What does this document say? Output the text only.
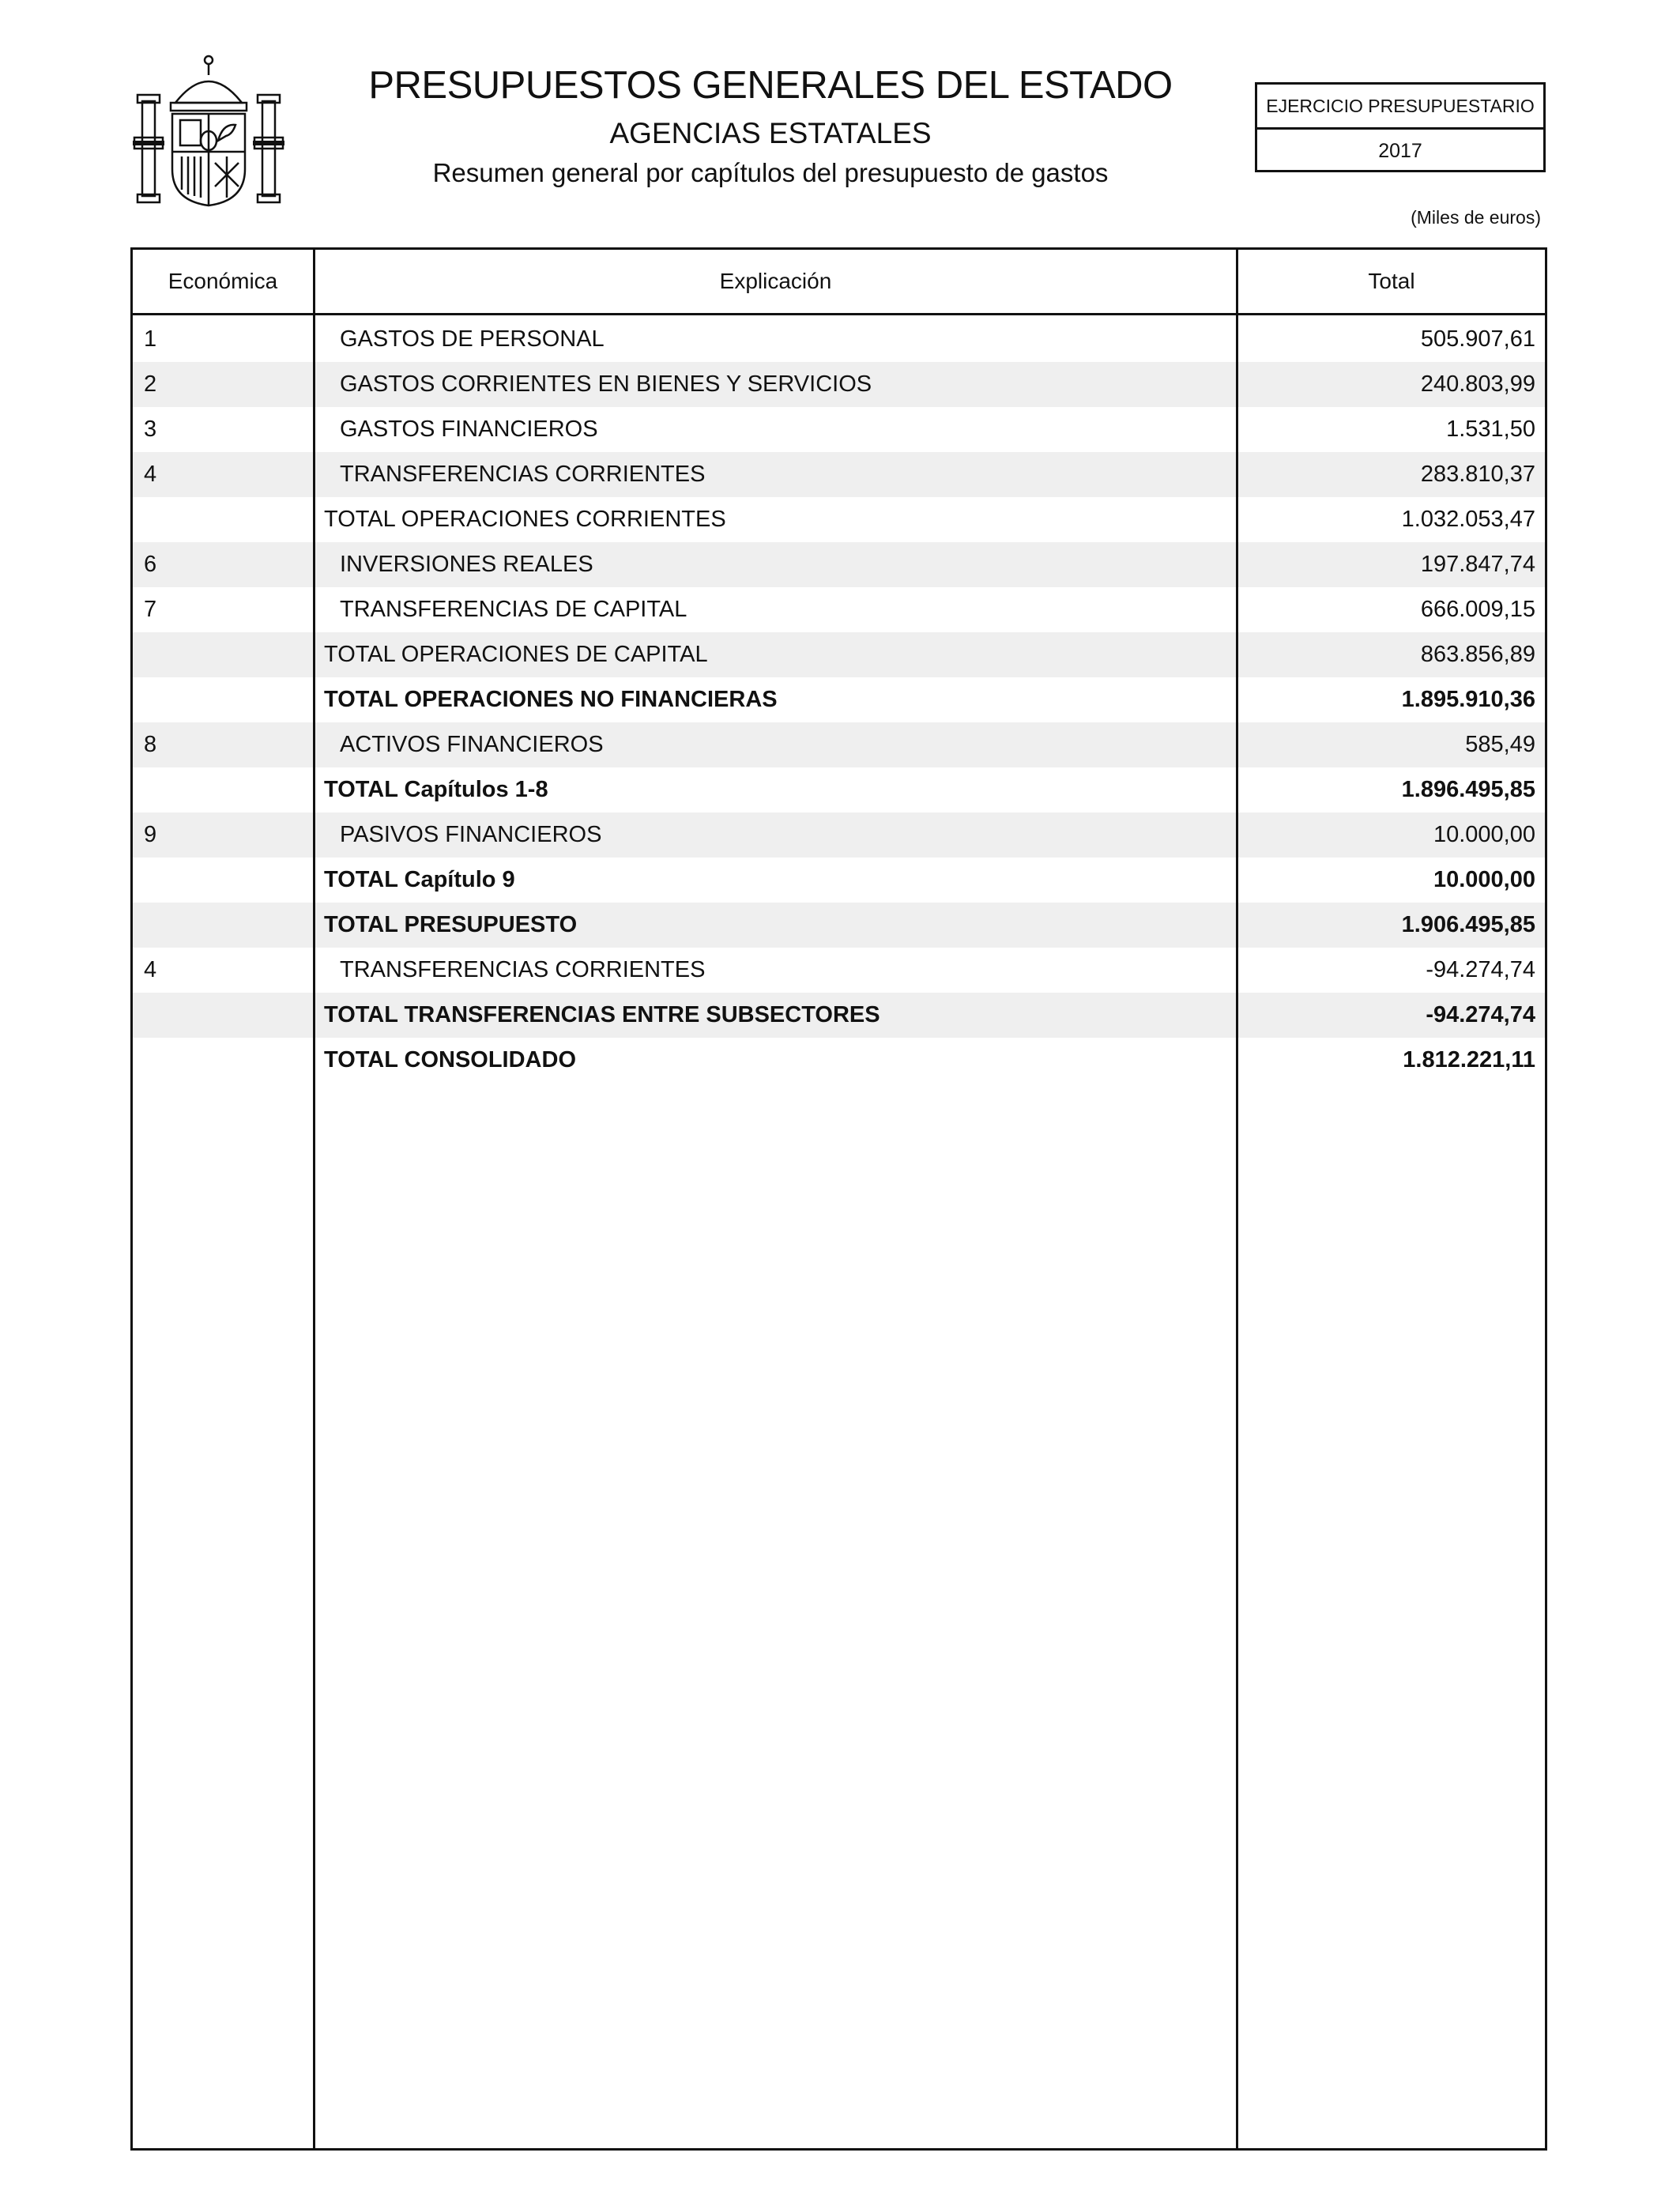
PRESUPUESTOS GENERALES DEL ESTADO
AGENCIAS ESTATALES
Resumen general por capítulos del presupuesto de gastos
EJERCICIO PRESUPUESTARIO
2017
(Miles de euros)
Económica	Explicación	Total
1	GASTOS DE PERSONAL	505.907,61
2	GASTOS CORRIENTES EN BIENES Y SERVICIOS	240.803,99
3	GASTOS FINANCIEROS	1.531,50
4	TRANSFERENCIAS CORRIENTES	283.810,37
TOTAL OPERACIONES CORRIENTES	1.032.053,47
6	INVERSIONES REALES	197.847,74
7	TRANSFERENCIAS DE CAPITAL	666.009,15
TOTAL OPERACIONES DE CAPITAL	863.856,89
TOTAL OPERACIONES NO FINANCIERAS	1.895.910,36
8	ACTIVOS FINANCIEROS	585,49
TOTAL Capítulos 1-8	1.896.495,85
9	PASIVOS FINANCIEROS	10.000,00
TOTAL Capítulo 9	10.000,00
TOTAL PRESUPUESTO	1.906.495,85
4	TRANSFERENCIAS CORRIENTES	-94.274,74
TOTAL TRANSFERENCIAS ENTRE SUBSECTORES	-94.274,74
TOTAL CONSOLIDADO	1.812.221,11
